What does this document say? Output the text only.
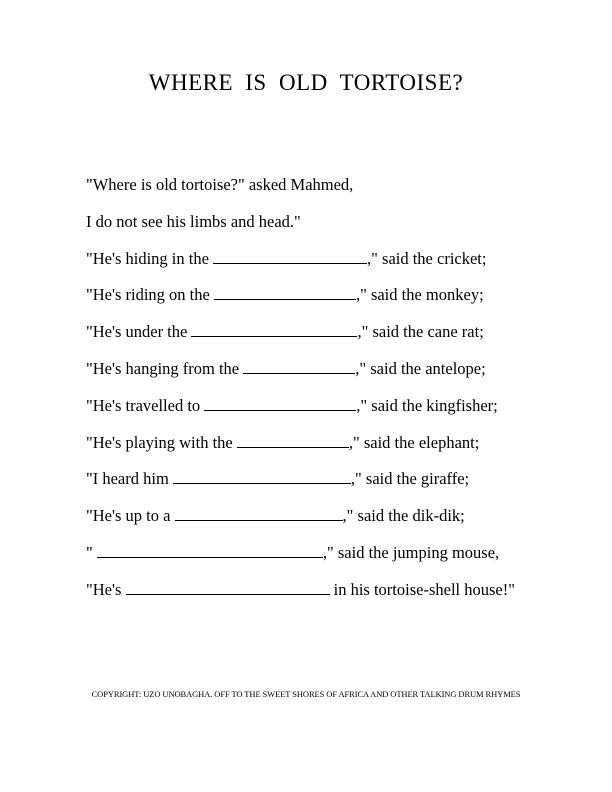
WHERE IS OLD TORTOISE?
"Where is old tortoise?" asked Mahmed,
I do not see his limbs and head."
"He's hiding in the	," said the cricket;
"He's riding on the	," said the monkey;
"He's under the	," said the cane rat;
"He's hanging from the	," said the antelope;
"He's travelled to	," said the kingfisher;
"He's playing with the	," said the elephant;
"I heard him	," said the giraffe;
"He's up to a	," said the dik-dik;
"	," said the jumping mouse,
"He's	in his tortoise-shell house!"
COPYRIGHT: UZO UNOBAGHA. OFF TO THE SWEET SHORES OF AFRICA AND OTHER TALKING DRUM RHYMES
